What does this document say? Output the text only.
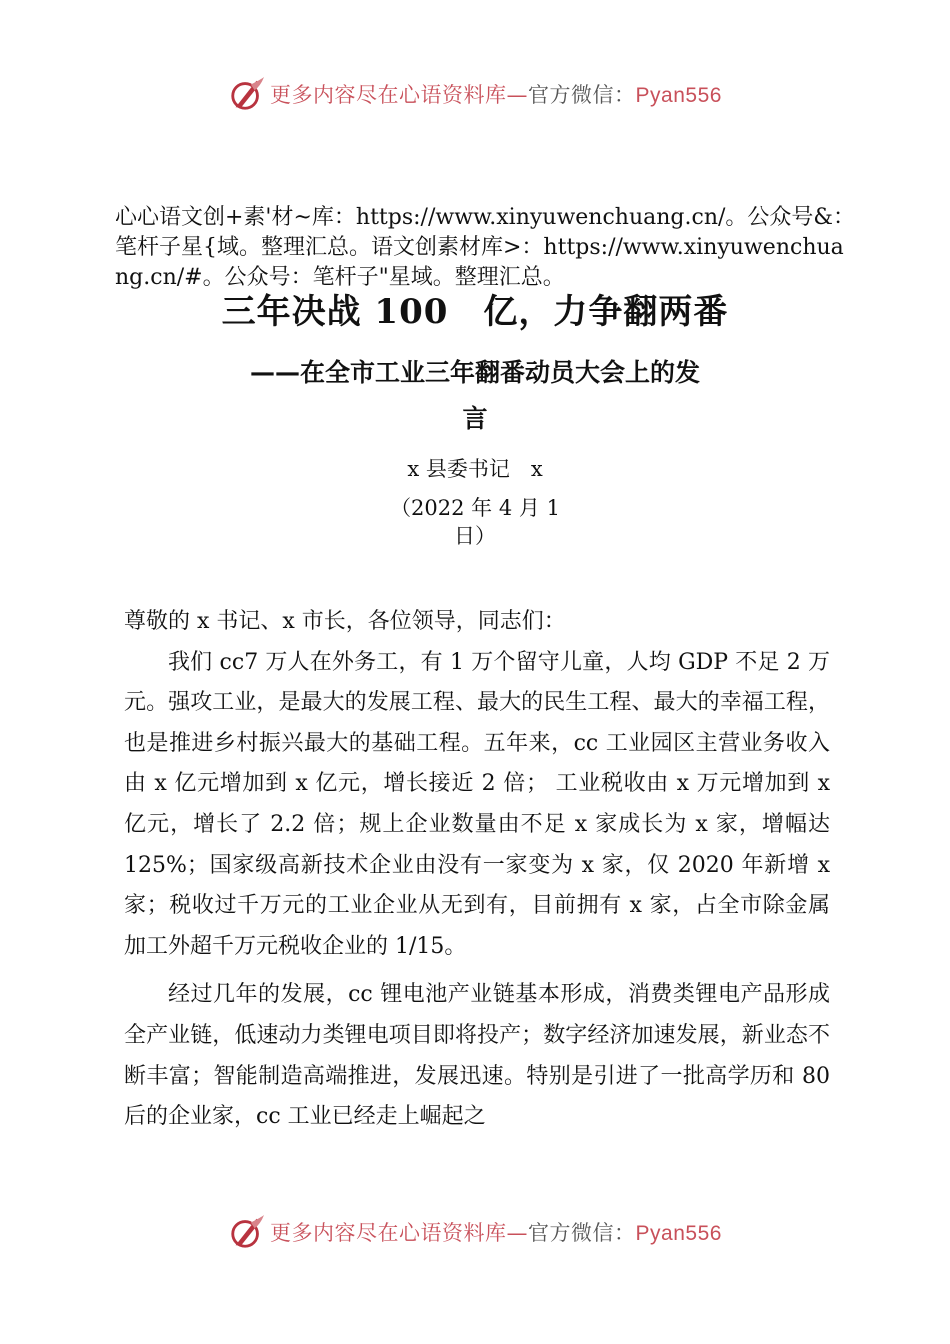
更多内容尽在心语资料库—官方微信：Pyan556
心心语文创+素'材~库：https://www.xinyuwenchuang.cn/。公众号&：笔杆子星{域。整理汇总。语文创素材库>：https://www.xinyuwenchuang.cn/#。公众号：笔杆子"星域。整理汇总。
三年决战 100　亿，力争翻两番
——在全市工业三年翻番动员大会上的发
言
x 县委书记　x
（2022 年 4 月 1
日）

尊敬的 x 书记、x 市长，各位领导，同志们：

我们 cc7 万人在外务工，有 1 万个留守儿童，人均 GDP 不足 2 万元。强攻工业，是最大的发展工程、最大的民生工程、最大的幸福工程，也是推进乡村振兴最大的基础工程。五年来，cc 工业园区主营业务收入由 x 亿元增加到 x 亿元，增长接近 2 倍； 工业税收由 x 万元增加到 x 亿元，增长了 2.2 倍；规上企业数量由不足 x 家成长为 x 家，增幅达 125%；国家级高新技术企业由没有一家变为 x 家，仅 2020 年新增 x 家；税收过千万元的工业企业从无到有，目前拥有 x 家，占全市除金属加工外超千万元税收企业的 1/15。

经过几年的发展，cc 锂电池产业链基本形成，消费类锂电产品形成全产业链，低速动力类锂电项目即将投产；数字经济加速发展，新业态不断丰富；智能制造高端推进，发展迅速。特别是引进了一批高学历和 80 后的企业家，cc 工业已经走上崛起之

更多内容尽在心语资料库—官方微信：Pyan556
